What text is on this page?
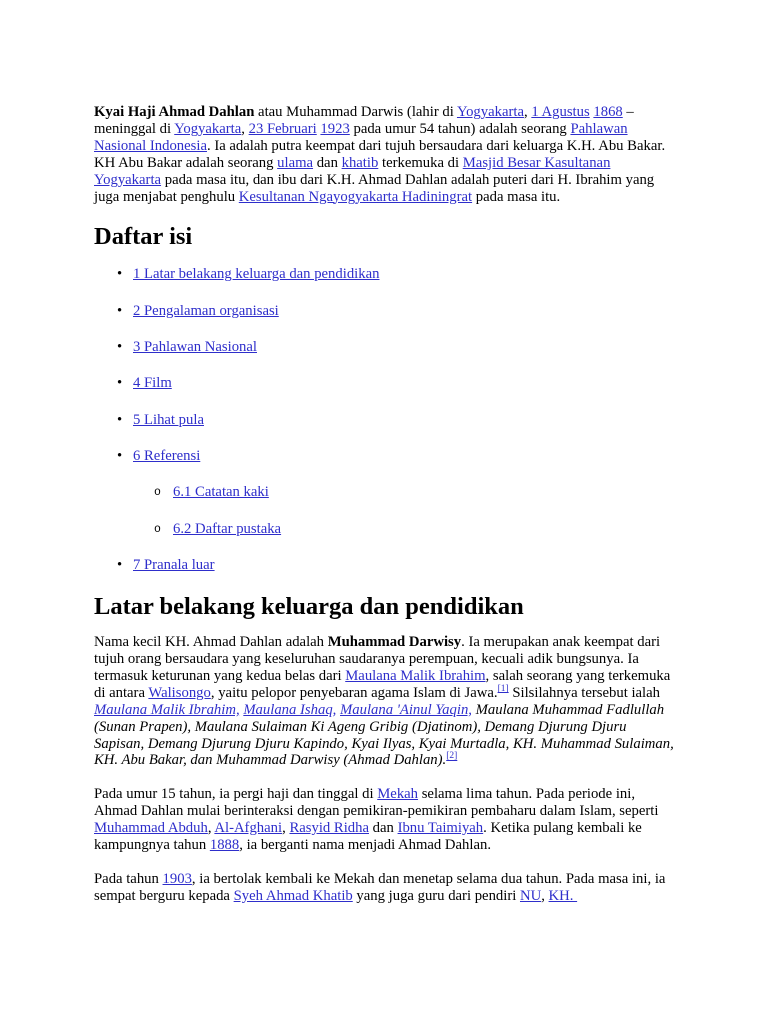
Kyai Haji Ahmad Dahlan atau Muhammad Darwis (lahir di Yogyakarta, 1 Agustus 1868 – meninggal di Yogyakarta, 23 Februari 1923 pada umur 54 tahun) adalah seorang Pahlawan Nasional Indonesia. Ia adalah putra keempat dari tujuh bersaudara dari keluarga K.H. Abu Bakar. KH Abu Bakar adalah seorang ulama dan khatib terkemuka di Masjid Besar Kasultanan Yogyakarta pada masa itu, dan ibu dari K.H. Ahmad Dahlan adalah puteri dari H. Ibrahim yang juga menjabat penghulu Kesultanan Ngayogyakarta Hadiningrat pada masa itu.

Daftar isi
• 1 Latar belakang keluarga dan pendidikan
• 2 Pengalaman organisasi
• 3 Pahlawan Nasional
• 4 Film
• 5 Lihat pula
• 6 Referensi
o 6.1 Catatan kaki
o 6.2 Daftar pustaka
• 7 Pranala luar
Latar belakang keluarga dan pendidikan

Nama kecil KH. Ahmad Dahlan adalah Muhammad Darwisy. Ia merupakan anak keempat dari tujuh orang bersaudara yang keseluruhan saudaranya perempuan, kecuali adik bungsunya. Ia termasuk keturunan yang kedua belas dari Maulana Malik Ibrahim, salah seorang yang terkemuka di antara Walisongo, yaitu pelopor penyebaran agama Islam di Jawa.[1] Silsilahnya tersebut ialah Maulana Malik Ibrahim, Maulana Ishaq, Maulana 'Ainul Yaqin, Maulana Muhammad Fadlullah (Sunan Prapen), Maulana Sulaiman Ki Ageng Gribig (Djatinom), Demang Djurung Djuru Sapisan, Demang Djurung Djuru Kapindo, Kyai Ilyas, Kyai Murtadla, KH. Muhammad Sulaiman, KH. Abu Bakar, dan Muhammad Darwisy (Ahmad Dahlan).[2]

Pada umur 15 tahun, ia pergi haji dan tinggal di Mekah selama lima tahun. Pada periode ini, Ahmad Dahlan mulai berinteraksi dengan pemikiran-pemikiran pembaharu dalam Islam, seperti Muhammad Abduh, Al-Afghani, Rasyid Ridha dan Ibnu Taimiyah. Ketika pulang kembali ke kampungnya tahun 1888, ia berganti nama menjadi Ahmad Dahlan.

Pada tahun 1903, ia bertolak kembali ke Mekah dan menetap selama dua tahun. Pada masa ini, ia sempat berguru kepada Syeh Ahmad Khatib yang juga guru dari pendiri NU, KH.
